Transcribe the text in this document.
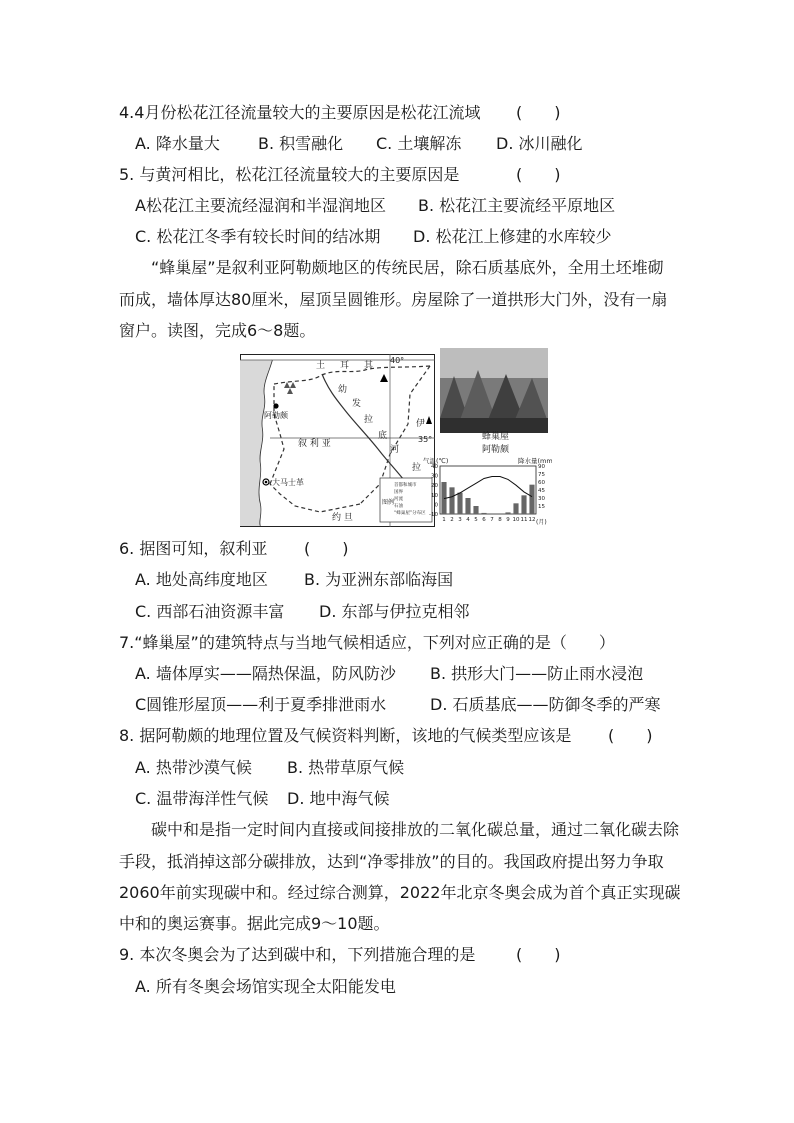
4.4月份松花江径流量较大的主要原因是松花江流域 (　　)
A. 降水量大 B. 积雪融化 C. 土壤解冻 D. 冰川融化
5. 与黄河相比，松花江径流量较大的主要原因是	(　　)
A松花江主要流经湿润和半湿润地区 B. 松花江主要流经平原地区
C. 松花江冬季有较长时间的结冰期 D. 松花江上修建的水库较少
“蜂巢屋”是叙利亚阿勒颇地区的传统民居，除石质基底外，全用土坯堆砌
而成，墙体厚达80厘米，屋顶呈圆锥形。房屋除了一道拱形大门外，没有一扇
窗户。读图，完成6～8题。
土 耳 其
40°
幼
发
拉
底
河
阿勒颇
叙 利 亚	35°
伊
拉
大马士革
约 旦
图例
首都和城市
国界
河流
石油
“蜂巢屋”分布区
蜂巢屋
阿勒颇
气温(℃)	降水量(mm)
40
30
20
10
0
-10
90
75
60
45
30
15
1 2 3 4 5 6 7 8 9 10 11 12 (月)
6. 据图可知，叙利亚 (　　)
A. 地处高纬度地区 B. 为亚洲东部临海国
C. 西部石油资源丰富 D. 东部与伊拉克相邻
7.“蜂巢屋”的建筑特点与当地气候相适应，下列对应正确的是（　　）
A. 墙体厚实——隔热保温，防风防沙 B. 拱形大门——防止雨水浸泡
C圆锥形屋顶——利于夏季排泄雨水	D. 石质基底——防御冬季的严寒
8. 据阿勒颇的地理位置及气候资料判断，该地的气候类型应该是 (　　)
A. 热带沙漠气候 B. 热带草原气候
C. 温带海洋性气候 D. 地中海气候
碳中和是指一定时间内直接或间接排放的二氧化碳总量，通过二氧化碳去除
手段，抵消掉这部分碳排放，达到“净零排放”的目的。我国政府提出努力争取
2060年前实现碳中和。经过综合测算，2022年北京冬奥会成为首个真正实现碳
中和的奥运赛事。据此完成9～10题。
9. 本次冬奥会为了达到碳中和，下列措施合理的是	(　　)
A. 所有冬奥会场馆实现全太阳能发电
